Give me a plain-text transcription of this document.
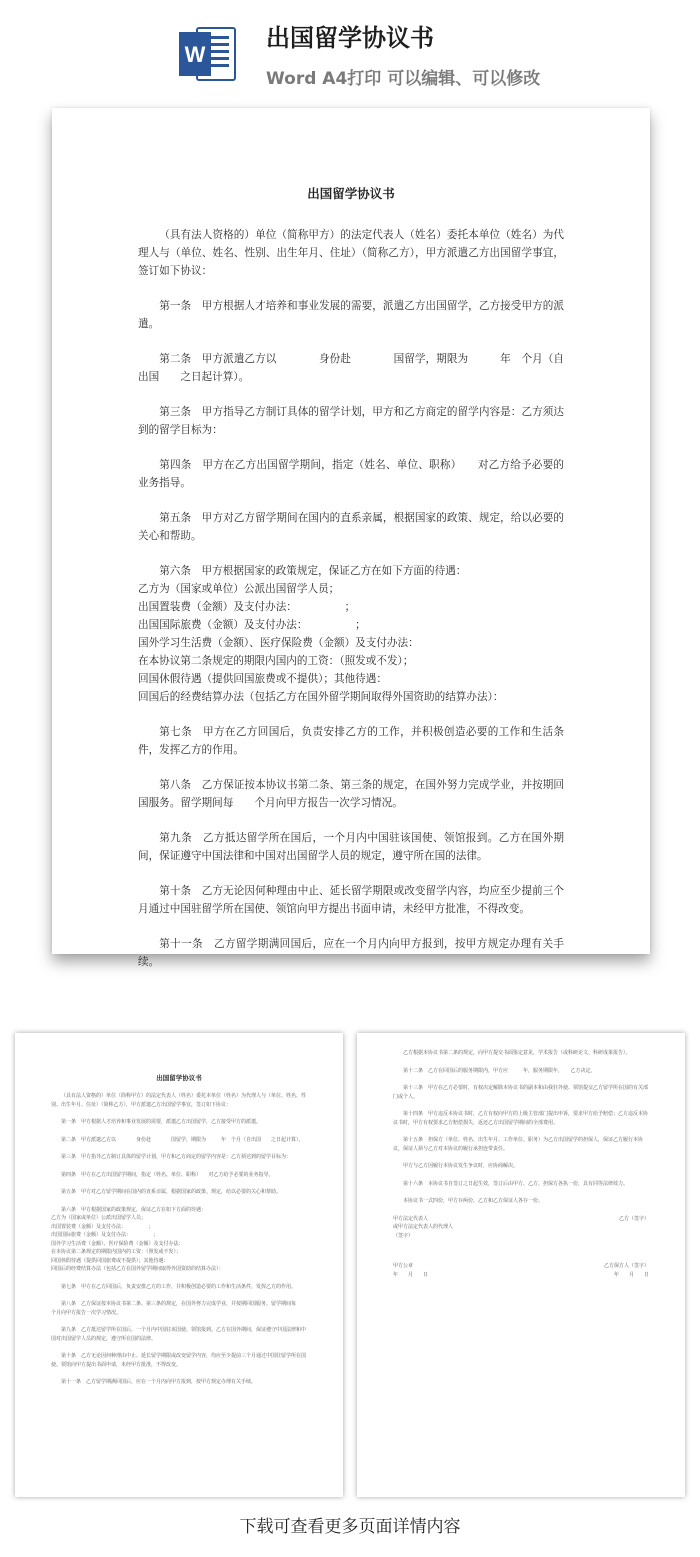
W
出国留学协议书
Word A4打印 可以编辑、可以修改
出国留学协议书

（具有法人资格的）单位（简称甲方）的法定代表人（姓名）委托本单位（姓名）为代理人与（单位、姓名、性别、出生年月、住址）（简称乙方），甲方派遣乙方出国留学事宜，签订如下协议：

第一条　甲方根据人才培养和事业发展的需要，派遣乙方出国留学，乙方接受甲方的派遣。

第二条　甲方派遣乙方以　　　　身份赴　　　　国留学，期限为　　　年　个月（自出国　　之日起计算）。

第三条　甲方指导乙方制订具体的留学计划，甲方和乙方商定的留学内容是：乙方须达到的留学目标为：

第四条　甲方在乙方出国留学期间，指定（姓名、单位、职称）　　对乙方给予必要的业务指导。

第五条　甲方对乙方留学期间在国内的直系亲属，根据国家的政策、规定，给以必要的关心和帮助。

第六条　甲方根据国家的政策规定，保证乙方在如下方面的待遇：

乙方为（国家或单位）公派出国留学人员；

出国置装费（金额）及支付办法：　　　　　；

出国国际旅费（金额）及支付办法：　　　　　；

国外学习生活费（金额）、医疗保险费（金额）及支付办法：

在本协议第二条规定的期限内国内的工资：（照发或不发）；

回国休假待遇（提供回国旅费或不提供）；其他待遇：

回国后的经费结算办法（包括乙方在国外留学期间取得外国资助的结算办法）：

第七条　甲方在乙方回国后，负责安排乙方的工作，并积极创造必要的工作和生活条件，发挥乙方的作用。

第八条　乙方保证按本协议书第二条、第三条的规定，在国外努力完成学业，并按期回国服务。留学期间每　　个月向甲方报告一次学习情况。

第九条　乙方抵达留学所在国后，一个月内中国驻该国使、领馆报到。乙方在国外期间，保证遵守中国法律和中国对出国留学人员的规定，遵守所在国的法律。

第十条　乙方无论因何种理由中止、延长留学期限或改变留学内容，均应至少提前三个月通过中国驻留学所在国使、领馆向甲方提出书面申请，未经甲方批准，不得改变。

第十一条　乙方留学期满回国后，应在一个月内向甲方报到，按甲方规定办理有关手续。

出国留学协议书

（具有法人资格的）单位（简称甲方）的法定代表人（姓名）委托本单位（姓名）为代理人与（单位、姓名、性别、出生年月、住址）（简称乙方），甲方派遣乙方出国留学事宜，签订如下协议：

第一条　甲方根据人才培养和事业发展的需要，派遣乙方出国留学，乙方接受甲方的派遣。

第二条　甲方派遣乙方以　　　　身份赴　　　　国留学，期限为　　　年　个月（自出国　　之日起计算）。

第三条　甲方指导乙方制订具体的留学计划，甲方和乙方商定的留学内容是：乙方须达到的留学目标为：

第四条　甲方在乙方出国留学期间，指定（姓名、单位、职称）　　对乙方给予必要的业务指导。

第五条　甲方对乙方留学期间在国内的直系亲属，根据国家的政策、规定，给以必要的关心和帮助。

第六条　甲方根据国家的政策规定，保证乙方在如下方面的待遇：

乙方为（国家或单位）公派出国留学人员；

出国置装费（金额）及支付办法：　　　　　；

出国国际旅费（金额）及支付办法：　　　　　；

国外学习生活费（金额）、医疗保险费（金额）及支付办法：

在本协议第二条规定的期限内国内的工资：（照发或不发）；

回国休假待遇（提供回国旅费或不提供）；其他待遇：

回国后的经费结算办法（包括乙方在国外留学期间取得外国资助的结算办法）：

第七条　甲方在乙方回国后，负责安排乙方的工作，并积极创造必要的工作和生活条件，发挥乙方的作用。

第八条　乙方保证按本协议书第二条、第三条的规定，在国外努力完成学业，并按期回国服务。留学期间每　　个月向甲方报告一次学习情况。

第九条　乙方抵达留学所在国后，一个月内中国驻该国使、领馆报到。乙方在国外期间，保证遵守中国法律和中国对出国留学人员的规定，遵守所在国的法律。

第十条　乙方无论因何种理由中止、延长留学期限或改变留学内容，均应至少提前三个月通过中国驻留学所在国使、领馆向甲方提出书面申请，未经甲方批准，不得改变。

第十一条　乙方留学期满回国后，应在一个月内向甲方报到，按甲方规定办理有关手续。

乙方根据本协议书第二条的规定，向甲方提交书面鉴定意见，学术报告（或科研论文、科研成果报告）。

第十二条　乙方在回国后的服务期限内，甲方应　　　年，服务期限年，　　乙方决定。

第十三条　甲方在乙方必要时，有权决定解除本协议书的副本和由我驻外使、领馆提交乙方留学所在国的有关部门或个人。

第十四条　甲方违反本协议书时，乙方有权向甲方的上级主管部门提出申诉，要求甲方给予赔偿；乙方违反本协议书时，甲方有权要求乙方赔偿损失，返还乙方出国留学期间的全部费用。

第十五条　担保方（单位、姓名、出生年月、工作单位、职务）为乙方出国留学的担保人，保证乙方履行本协议，保证人须与乙方对本协议的履行承担连带责任。

甲方与乙方因履行本协议发生争议时，应协商解决。

第十六条　本协议书自签订之日起生效，签订后由甲方、乙方、担保方各执一份，具有同等法律效力。

本协议书一式四份，甲方存两份，乙方和乙方保证人各存一份。

甲方法定代表人
或甲方法定代表人的代理人
（签字）
乙方（签字）
甲方公章	乙方保方人（签字）
年　　月　　日	年　　月　　日
下载可查看更多页面详情内容
